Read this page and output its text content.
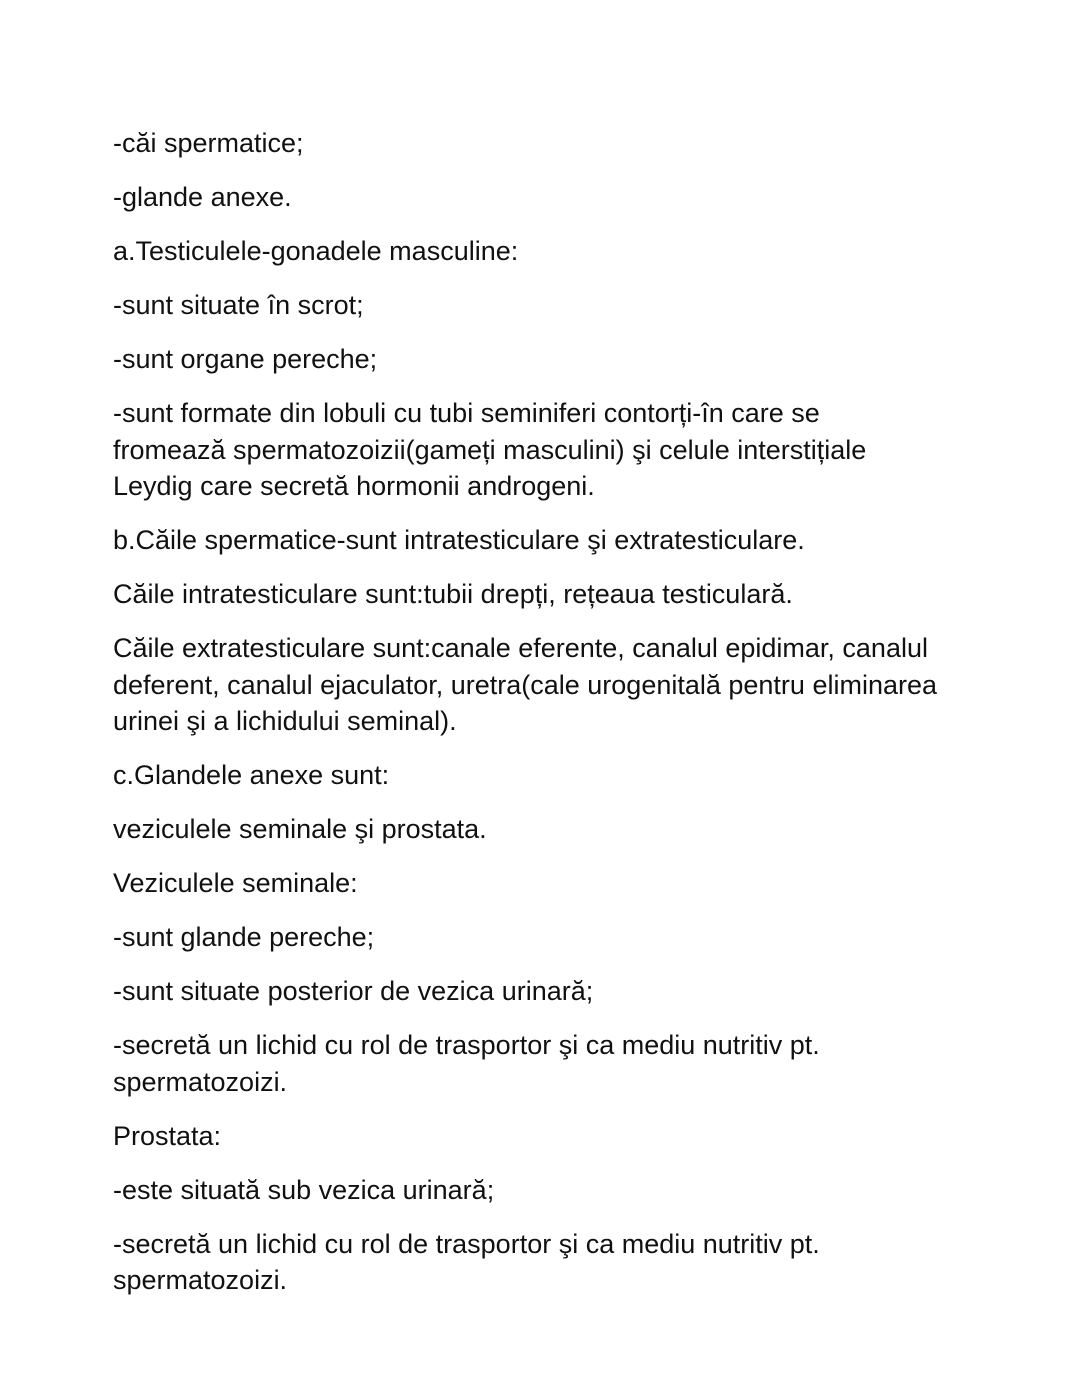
-căi spermatice;

-glande anexe.

a.Testiculele-gonadele masculine:

-sunt situate în scrot;

-sunt organe pereche;

-sunt formate din lobuli cu tubi seminiferi contorți-în care se fromează spermatozoizii(gameți masculini) şi celule interstițiale Leydig care secretă hormonii androgeni.

b.Căile spermatice-sunt intratesticulare şi extratesticulare.

Căile intratesticulare sunt:tubii drepți, rețeaua testiculară.

Căile extratesticulare sunt:canale eferente, canalul epidimar, canalul deferent, canalul ejaculator, uretra(cale urogenitală pentru eliminarea urinei şi a lichidului seminal).

c.Glandele anexe sunt:

veziculele seminale şi prostata.

Veziculele seminale:

-sunt glande pereche;

-sunt situate posterior de vezica urinară;

-secretă un lichid cu rol de trasportor şi ca mediu nutritiv pt. spermatozoizi.

Prostata:

-este situată sub vezica urinară;

-secretă un lichid cu rol de trasportor şi ca mediu nutritiv pt. spermatozoizi.
